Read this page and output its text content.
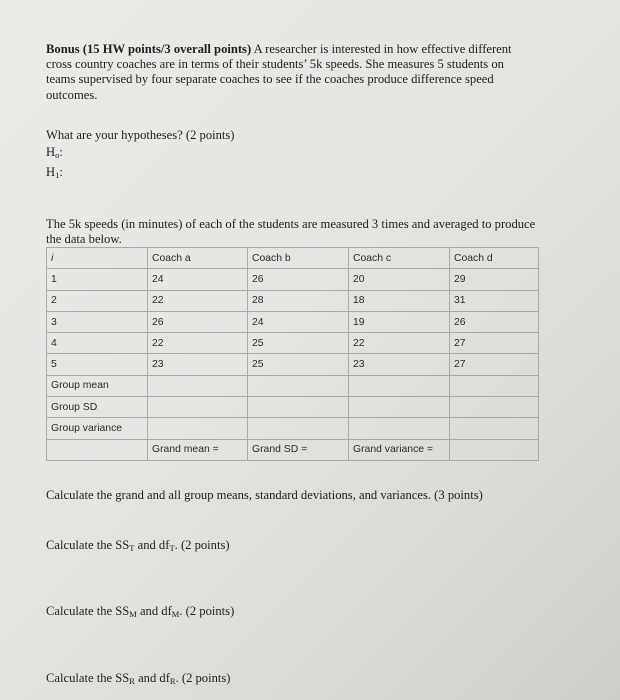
Bonus (15 HW points/3 overall points) A researcher is interested in how effective different cross country coaches are in terms of their students’ 5k speeds. She measures 5 students on teams supervised by four separate coaches to see if the coaches produce difference speed outcomes.
What are your hypotheses? (2 points)
$H_o$:
$H_1$:
The 5k speeds (in minutes) of each of the students are measured 3 times and averaged to produce the data below.
i	Coach a	Coach b	Coach c	Coach d
1	24	26	20	29
2	22	28	18	31
3	26	24	19	26
4	22	25	22	27
5	23	25	23	27
Group mean				
Group SD				
Group variance				
	Grand mean =	Grand SD =	Grand variance =	
Calculate the grand and all group means, standard deviations, and variances. (3 points)
Calculate the $SS_T$ and $df_T$. (2 points)
Calculate the $SS_M$ and $df_M$. (2 points)
Calculate the $SS_R$ and $df_R$. (2 points)
